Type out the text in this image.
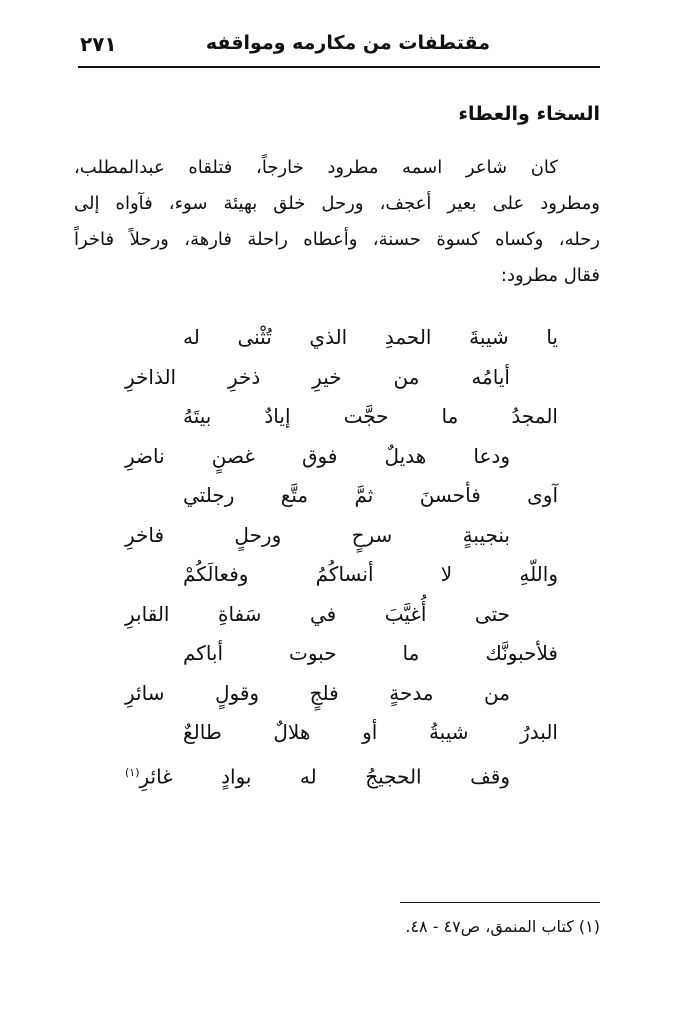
مقتطفات من مكارمه ومواقفه
٢٧١
السخاء والعطاء
كان شاعر اسمه مطرود خارجاً، فتلقاه عبدالمطلب،
ومطرود على بعير أعجف، ورحل خلق بهيئة سوء، فآواه إلى
رحله، وكساه كسوة حسنة، وأعطاه راحلة فارهة، ورحلاً فاخراً
فقال مطرود:
يا شيبةَ الحمدِ الذي تُثْنى له
أيامُه من خيرِ ذخرِ الذاخرِ
المجدُ ما حجَّت إيادٌ بيتَهُ
ودعا هديلٌ فوق غصنٍ ناضرِ
آوى فأحسنَ ثمَّ متَّع رجلتي
بنجيبةٍ سرحٍ ورحلٍ فاخرِ
واللّهِ لا أنساكُمُ وفعالَكُمْ
حتى أُغيَّبَ في سَفاةِ القابرِ
فلأحبونَّك ما حبوت أباكم
من مدحةٍ فلجٍ وقولٍ سائرِ
البدرُ شيبةُ أو هلالٌ طالعٌ
وقف الحجيجُ له بوادٍ غائرِ$^{(١)}$
(١) كتاب المنمق، ص٤٧ - ٤٨.
